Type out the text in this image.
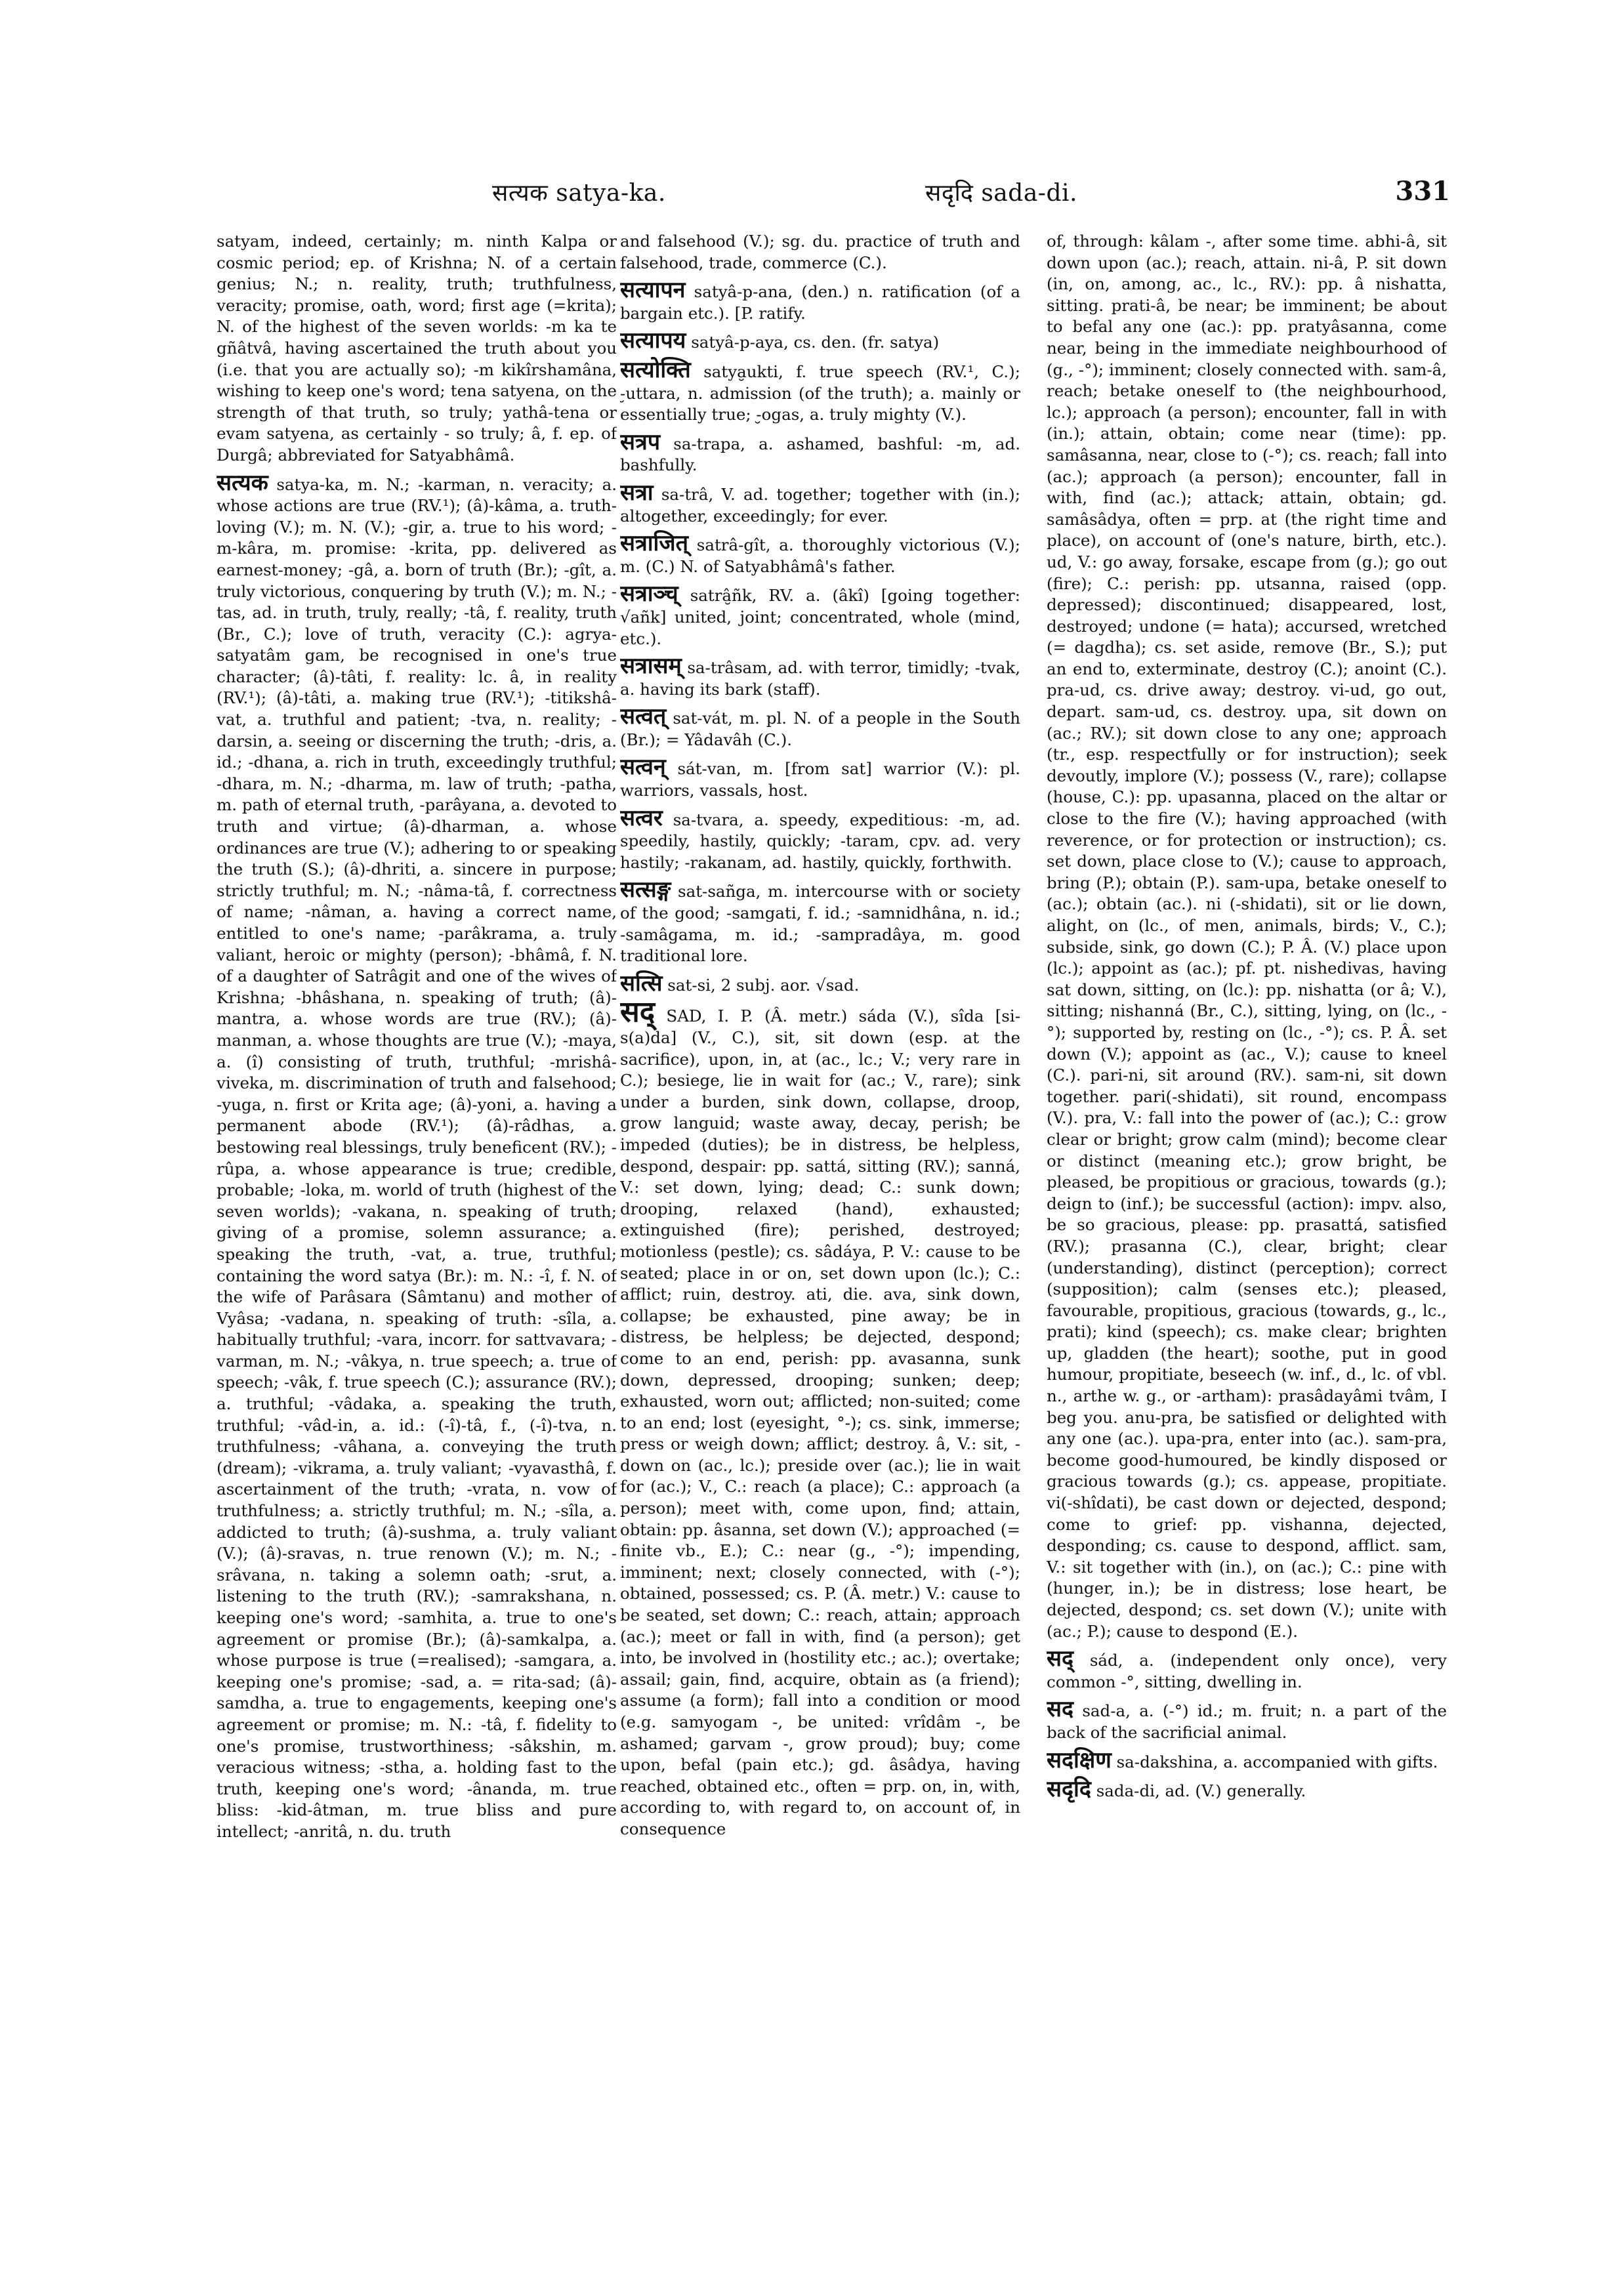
सत्यक satya-ka.	सदृदि sada-di.	331

satyam, indeed, certainly; m. ninth Kalpa or cosmic period; ep. of Krishna; N. of a certain genius; N.; n. reality, truth; truthfulness, veracity; promise, oath, word; first age (=krita); N. of the highest of the seven worlds: -m ka te gñâtvâ, having ascertained the truth about you (i.e. that you are actually so); -m kikîrshamâna, wishing to keep one's word; tena satyena, on the strength of that truth, so truly; yathâ-tena or evam satyena, as certainly - so truly; â, f. ep. of Durgâ; abbreviated for Satyabhâmâ.

सत्यक satya-ka, m. N.; -karman, n. veracity; a. whose actions are true (RV.¹); (â)-kâma, a. truth-loving (V.); m. N. (V.); -gir, a. true to his word; -m-kâra, m. promise: -krita, pp. delivered as earnest-money; -gâ, a. born of truth (Br.); -gît, a. truly victorious, conquering by truth (V.); m. N.; -tas, ad. in truth, truly, really; -tâ, f. reality, truth (Br., C.); love of truth, veracity (C.): agrya-satyatâm gam, be recognised in one's true character; (â)-tâti, f. reality: lc. â, in reality (RV.¹); (â)-tâti, a. making true (RV.¹); -titikshâ-vat, a. truthful and patient; -tva, n. reality; -darsin, a. seeing or discerning the truth; -dris, a. id.; -dhana, a. rich in truth, exceedingly truthful; -dhara, m. N.; -dharma, m. law of truth; -patha, m. path of eternal truth, -parâyana, a. devoted to truth and virtue; (â)-dharman, a. whose ordinances are true (V.); adhering to or speaking the truth (S.); (â)-dhriti, a. sincere in purpose; strictly truthful; m. N.; -nâma-tâ, f. correctness of name; -nâman, a. having a correct name, entitled to one's name; -parâkrama, a. truly valiant, heroic or mighty (person); -bhâmâ, f. N. of a daughter of Satrâgit and one of the wives of Krishna; -bhâshana, n. speaking of truth; (â)-mantra, a. whose words are true (RV.); (â)-manman, a. whose thoughts are true (V.); -maya, a. (î) consisting of truth, truthful; -mrishâ-viveka, m. discrimination of truth and falsehood; -yuga, n. first or Krita age; (â)-yoni, a. having a permanent abode (RV.¹); (â)-râdhas, a. bestowing real blessings, truly beneficent (RV.); -rûpa, a. whose appearance is true; credible, probable; -loka, m. world of truth (highest of the seven worlds); -vakana, n. speaking of truth; giving of a promise, solemn assurance; a. speaking the truth, -vat, a. true, truthful; containing the word satya (Br.): m. N.: -î, f. N. of the wife of Parâsara (Sâmtanu) and mother of Vyâsa; -vadana, n. speaking of truth: -sîla, a. habitually truthful; -vara, incorr. for sattvavara; -varman, m. N.; -vâkya, n. true speech; a. true of speech; -vâk, f. true speech (C.); assurance (RV.); a. truthful; -vâdaka, a. speaking the truth, truthful; -vâd-in, a. id.: (-î)-tâ, f., (-î)-tva, n. truthfulness; -vâhana, a. conveying the truth (dream); -vikrama, a. truly valiant; -vyavasthâ, f. ascertainment of the truth; -vrata, n. vow of truthfulness; a. strictly truthful; m. N.; -sîla, a. addicted to truth; (â)-sushma, a. truly valiant (V.); (â)-sravas, n. true renown (V.); m. N.; -srâvana, n. taking a solemn oath; -srut, a. listening to the truth (RV.); -samrakshana, n. keeping one's word; -samhita, a. true to one's agreement or promise (Br.); (â)-samkalpa, a. whose purpose is true (=realised); -samgara, a. keeping one's promise; -sad, a. = rita-sad; (â)-samdha, a. true to engagements, keeping one's agreement or promise; m. N.: -tâ, f. fidelity to one's promise, trustworthiness; -sâkshin, m. veracious witness; -stha, a. holding fast to the truth, keeping one's word; -ânanda, m. true bliss: -kid-âtman, m. true bliss and pure intellect; -anritâ, n. du. truth

and falsehood (V.); sg. du. practice of truth and falsehood, trade, commerce (C.).

सत्यापन satyâ-p-ana, (den.) n. ratification (of a bargain etc.). [P. ratify.

सत्यापय satyâ-p-aya, cs. den. (fr. satya)

सत्योक्ति satya̮ukti, f. true speech (RV.¹, C.); -̮uttara, n. admission (of the truth); a. mainly or essentially true; -̮ogas, a. truly mighty (V.).

सत्रप sa-trapa, a. ashamed, bashful: -m, ad. bashfully.

सत्रा sa-trâ, V. ad. together; together with (in.); altogether, exceedingly; for ever.

सत्राजित् satrâ-gît, a. thoroughly victorious (V.); m. (C.) N. of Satyabhâmâ's father.

सत्राञ्च् satrâ̮ñk, RV. a. (âkî) [going together: √añk] united, joint; concentrated, whole (mind, etc.).

सत्रासम् sa-trâsam, ad. with terror, timidly; -tvak, a. having its bark (staff).

सत्वत् sat-vát, m. pl. N. of a people in the South (Br.); = Yâdavâh (C.).

सत्वन् sát-van, m. [from sat] warrior (V.): pl. warriors, vassals, host.

सत्वर sa-tvara, a. speedy, expeditious: -m, ad. speedily, hastily, quickly; -taram, cpv. ad. very hastily; -rakanam, ad. hastily, quickly, forthwith.

सत्सङ्ग sat-sañga, m. intercourse with or society of the good; -samgati, f. id.; -samnidhâna, n. id.; -samâgama, m. id.; -sampradâya, m. good traditional lore.

सत्सि sat-si, 2 subj. aor. √sad.

सद् SAD, I. P. (Â. metr.) sáda (V.), sîda [si-s(a)da] (V., C.), sit, sit down (esp. at the sacrifice), upon, in, at (ac., lc.; V.; very rare in C.); besiege, lie in wait for (ac.; V., rare); sink under a burden, sink down, collapse, droop, grow languid; waste away, decay, perish; be impeded (duties); be in distress, be helpless, despond, despair: pp. sattá, sitting (RV.); sanná, V.: set down, lying; dead; C.: sunk down; drooping, relaxed (hand), exhausted; extinguished (fire); perished, destroyed; motionless (pestle); cs. sâdáya, P. V.: cause to be seated; place in or on, set down upon (lc.); C.: afflict; ruin, destroy. ati, die. ava, sink down, collapse; be exhausted, pine away; be in distress, be helpless; be dejected, despond; come to an end, perish: pp. avasanna, sunk down, depressed, drooping; sunken; deep; exhausted, worn out; afflicted; non-suited; come to an end; lost (eyesight, °-); cs. sink, immerse; press or weigh down; afflict; destroy. â, V.: sit, - down on (ac., lc.); preside over (ac.); lie in wait for (ac.); V., C.: reach (a place); C.: approach (a person); meet with, come upon, find; attain, obtain: pp. âsanna, set down (V.); approached (= finite vb., E.); C.: near (g., -°); impending, imminent; next; closely connected, with (-°); obtained, possessed; cs. P. (Â. metr.) V.: cause to be seated, set down; C.: reach, attain; approach (ac.); meet or fall in with, find (a person); get into, be involved in (hostility etc.; ac.); overtake; assail; gain, find, acquire, obtain as (a friend); assume (a form); fall into a condition or mood (e.g. samyogam -, be united: vrîdâm -, be ashamed; garvam -, grow proud); buy; come upon, befal (pain etc.); gd. âsâdya, having reached, obtained etc., often = prp. on, in, with, according to, with regard to, on account of, in consequence

of, through: kâlam -, after some time. abhi-â, sit down upon (ac.); reach, attain. ni-â, P. sit down (in, on, among, ac., lc., RV.): pp. â nishatta, sitting. prati-â, be near; be imminent; be about to befal any one (ac.): pp. pratyâsanna, come near, being in the immediate neighbourhood of (g., -°); imminent; closely connected with. sam-â, reach; betake oneself to (the neighbourhood, lc.); approach (a person); encounter, fall in with (in.); attain, obtain; come near (time): pp. samâsanna, near, close to (-°); cs. reach; fall into (ac.); approach (a person); encounter, fall in with, find (ac.); attack; attain, obtain; gd. samâsâdya, often = prp. at (the right time and place), on account of (one's nature, birth, etc.). ud, V.: go away, forsake, escape from (g.); go out (fire); C.: perish: pp. utsanna, raised (opp. depressed); discontinued; disappeared, lost, destroyed; undone (= hata); accursed, wretched (= dagdha); cs. set aside, remove (Br., S.); put an end to, exterminate, destroy (C.); anoint (C.). pra-ud, cs. drive away; destroy. vi-ud, go out, depart. sam-ud, cs. destroy. upa, sit down on (ac.; RV.); sit down close to any one; approach (tr., esp. respectfully or for instruction); seek devoutly, implore (V.); possess (V., rare); collapse (house, C.): pp. upasanna, placed on the altar or close to the fire (V.); having approached (with reverence, or for protection or instruction); cs. set down, place close to (V.); cause to approach, bring (P.); obtain (P.). sam-upa, betake oneself to (ac.); obtain (ac.). ni (-shidati), sit or lie down, alight, on (lc., of men, animals, birds; V., C.); subside, sink, go down (C.); P. Â. (V.) place upon (lc.); appoint as (ac.); pf. pt. nishedivas, having sat down, sitting, on (lc.): pp. nishatta (or â; V.), sitting; nishanná (Br., C.), sitting, lying, on (lc., -°); supported by, resting on (lc., -°); cs. P. Â. set down (V.); appoint as (ac., V.); cause to kneel (C.). pari-ni, sit around (RV.). sam-ni, sit down together. pari(-shidati), sit round, encompass (V.). pra, V.: fall into the power of (ac.); C.: grow clear or bright; grow calm (mind); become clear or distinct (meaning etc.); grow bright, be pleased, be propitious or gracious, towards (g.); deign to (inf.); be successful (action): impv. also, be so gracious, please: pp. prasattá, satisfied (RV.); prasanna (C.), clear, bright; clear (understanding), distinct (perception); correct (supposition); calm (senses etc.); pleased, favourable, propitious, gracious (towards, g., lc., prati); kind (speech); cs. make clear; brighten up, gladden (the heart); soothe, put in good humour, propitiate, beseech (w. inf., d., lc. of vbl. n., arthe w. g., or -artham): prasâdayâmi tvâm, I beg you. anu-pra, be satisfied or delighted with any one (ac.). upa-pra, enter into (ac.). sam-pra, become good-humoured, be kindly disposed or gracious towards (g.); cs. appease, propitiate. vi(-shîdati), be cast down or dejected, despond; come to grief: pp. vishanna, dejected, desponding; cs. cause to despond, afflict. sam, V.: sit together with (in.), on (ac.); C.: pine with (hunger, in.); be in distress; lose heart, be dejected, despond; cs. set down (V.); unite with (ac.; P.); cause to despond (E.).

सद् sád, a. (independent only once), very common -°, sitting, dwelling in.

सद sad-a, a. (-°) id.; m. fruit; n. a part of the back of the sacrificial animal.

सदक्षिण sa-dakshina, a. accompanied with gifts.

सदृदि sada-di, ad. (V.) generally.
